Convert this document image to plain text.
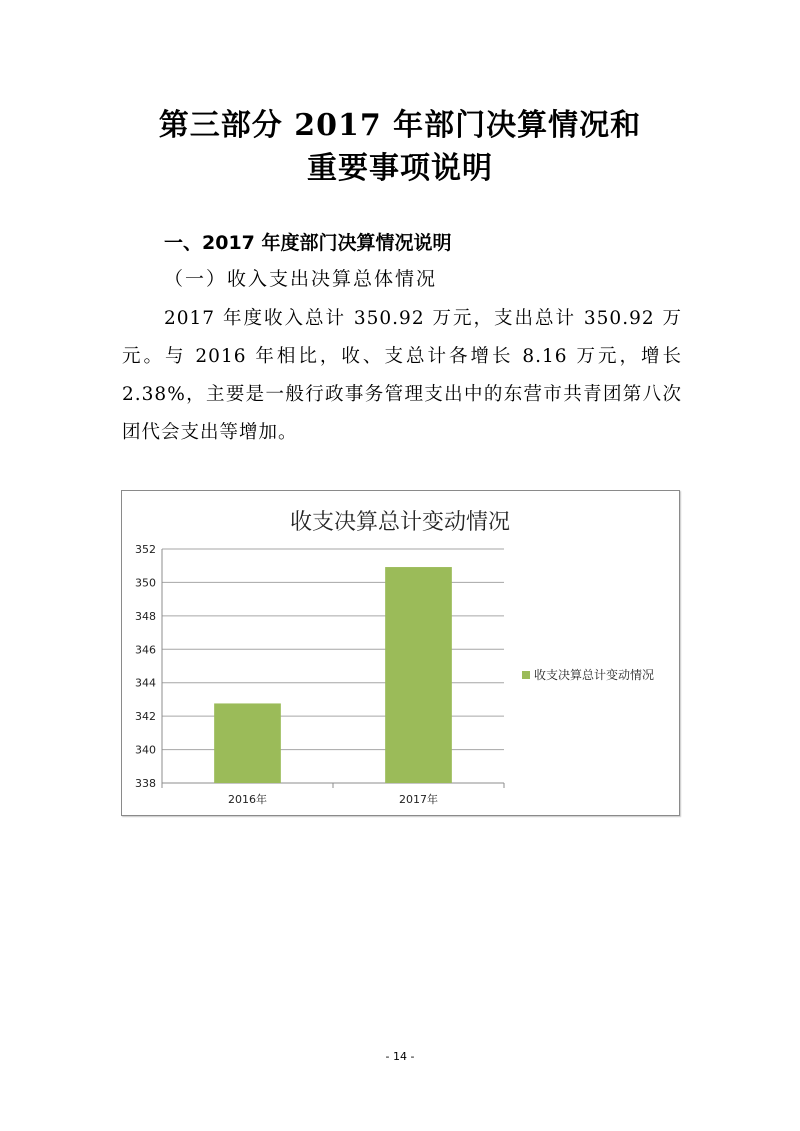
第三部分 2017 年部门决算情况和
重要事项说明
一、2017 年度部门决算情况说明
（一）收入支出决算总体情况
2017 年度收入总计 350.92 万元，支出总计 350.92 万元。与 2016 年相比，收、支总计各增长 8.16 万元，增长 2.38%，主要是一般行政事务管理支出中的东营市共青团第八次团代会支出等增加。
收支决算总计变动情况
338
340
342
344
346
348
350
352
2016年	2017年
收支决算总计变动情况
- 14 -
